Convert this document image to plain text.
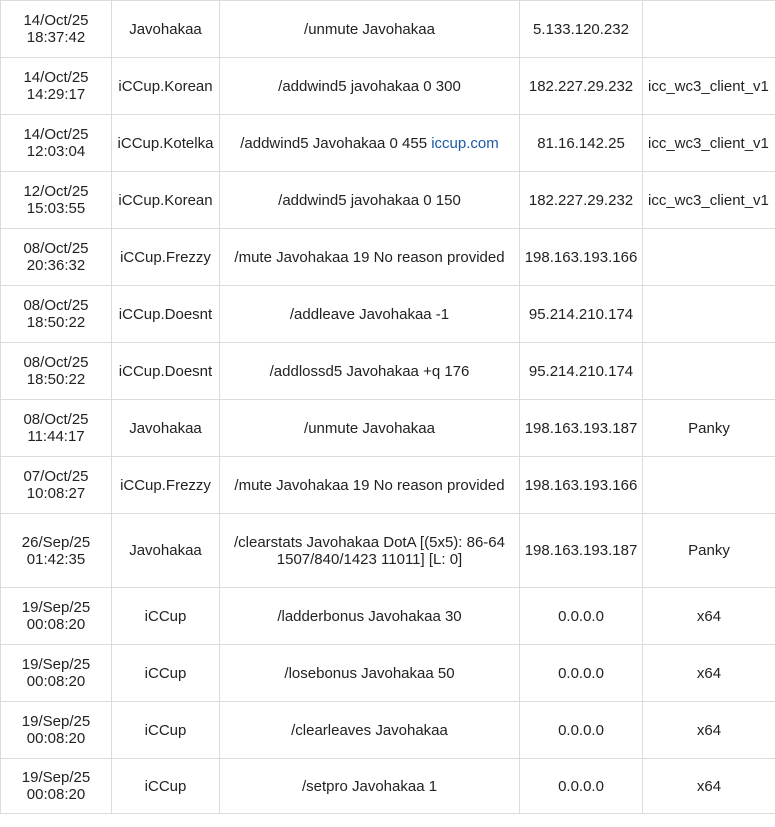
14/Oct/25
18:37:42	Javohakaa	/unmute Javohakaa	5.133.120.232	

14/Oct/25
14:29:17	iCCup.Korean	/addwind5 javohakaa 0 300	182.227.29.232	icc_wc3_client_v1

14/Oct/25
12:03:04	iCCup.Kotelka	/addwind5 Javohakaa 0 455 iccup.com	81.16.142.25	icc_wc3_client_v1

12/Oct/25
15:03:55	iCCup.Korean	/addwind5 javohakaa 0 150	182.227.29.232	icc_wc3_client_v1

08/Oct/25
20:36:32	iCCup.Frezzy	/mute Javohakaa 19 No reason provided	198.163.193.166	

08/Oct/25
18:50:22	iCCup.Doesnt	/addleave Javohakaa -1	95.214.210.174	

08/Oct/25
18:50:22	iCCup.Doesnt	/addlossd5 Javohakaa +q 176	95.214.210.174	

08/Oct/25
11:44:17	Javohakaa	/unmute Javohakaa	198.163.193.187	Panky

07/Oct/25
10:08:27	iCCup.Frezzy	/mute Javohakaa 19 No reason provided	198.163.193.166	

26/Sep/25
01:42:35	Javohakaa	/clearstats Javohakaa DotA [(5x5): 86-64 1507/840/1423 11011] [L: 0]	198.163.193.187	Panky

19/Sep/25
00:08:20	iCCup	/ladderbonus Javohakaa 30	0.0.0.0	x64

19/Sep/25
00:08:20	iCCup	/losebonus Javohakaa 50	0.0.0.0	x64

19/Sep/25
00:08:20	iCCup	/clearleaves Javohakaa	0.0.0.0	x64

19/Sep/25
00:08:20	iCCup	/setpro Javohakaa 1	0.0.0.0	x64
